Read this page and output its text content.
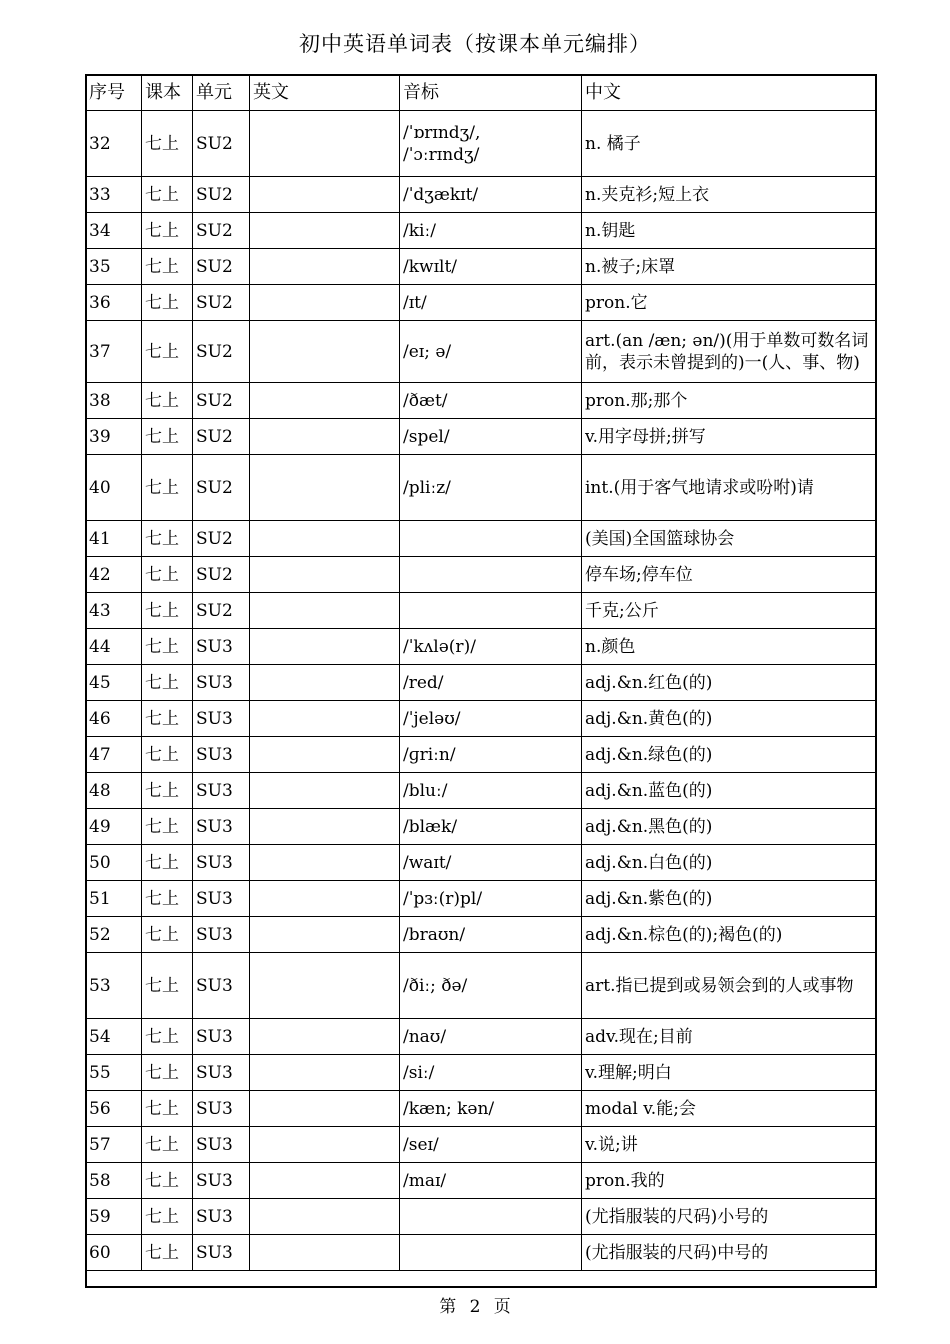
初中英语单词表（按课本单元编排）
序号	课本	单元	英文	音标	中文
32	七上	SU2		/ˈɒrɪndʒ/,
/ˈɔːrɪndʒ/	n. 橘子
33	七上	SU2		/ˈdʒækɪt/	n.夹克衫;短上衣
34	七上	SU2		/kiː/	n.钥匙
35	七上	SU2		/kwɪlt/	n.被子;床罩
36	七上	SU2		/ɪt/	pron.它
37	七上	SU2		/eɪ; ə/	art.(an /æn; ən/)(用于单数可数名词前，表示未曾提到的)一(人、事、物)
38	七上	SU2		/ðæt/	pron.那;那个
39	七上	SU2		/spel/	v.用字母拼;拼写
40	七上	SU2		/pliːz/	int.(用于客气地请求或吩咐)请
41	七上	SU2			(美国)全国篮球协会
42	七上	SU2			停车场;停车位
43	七上	SU2			千克;公斤
44	七上	SU3		/ˈkʌlə(r)/	n.颜色
45	七上	SU3		/red/	adj.&n.红色(的)
46	七上	SU3		/ˈjeləʊ/	adj.&n.黄色(的)
47	七上	SU3		/ɡriːn/	adj.&n.绿色(的)
48	七上	SU3		/bluː/	adj.&n.蓝色(的)
49	七上	SU3		/blæk/	adj.&n.黑色(的)
50	七上	SU3		/waɪt/	adj.&n.白色(的)
51	七上	SU3		/ˈpɜː(r)pl/	adj.&n.紫色(的)
52	七上	SU3		/braʊn/	adj.&n.棕色(的);褐色(的)
53	七上	SU3		/ðiː; ðə/	art.指已提到或易领会到的人或事物
54	七上	SU3		/naʊ/	adv.现在;目前
55	七上	SU3		/siː/	v.理解;明白
56	七上	SU3		/kæn; kən/	modal v.能;会
57	七上	SU3		/seɪ/	v.说;讲
58	七上	SU3		/maɪ/	pron.我的
59	七上	SU3			(尤指服装的尺码)小号的
60	七上	SU3			(尤指服装的尺码)中号的
第 2 页
